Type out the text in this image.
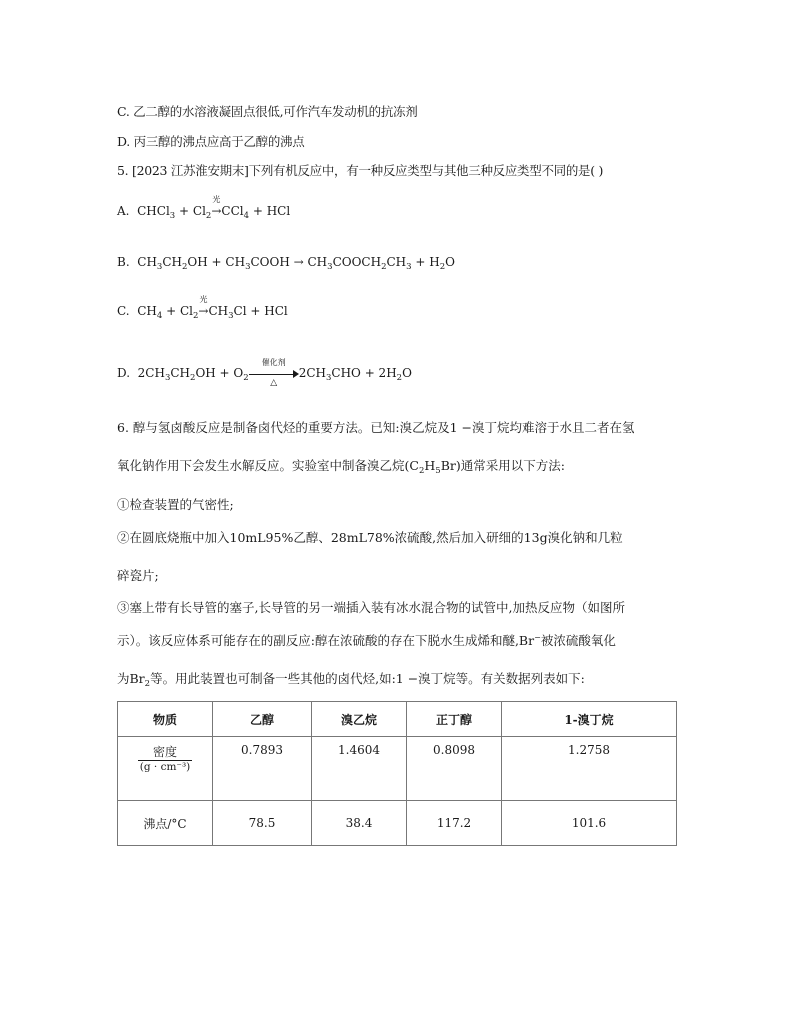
C. 乙二醇的水溶液凝固点很低,可作汽车发动机的抗冻剂
D. 丙三醇的沸点应高于乙醇的沸点
5. [2023 江苏淮安期末]下列有机反应中，有一种反应类型与其他三种反应类型不同的是( )
A.  CHCl$_3$ + $Cl_2$
光
→CCl$_4$ + HCl
B.  $CH_3CH_2OH$ + $CH_3COOH$ → $CH_3COOCH_2CH_3 + H_2O$
C.  $CH_4 + Cl_2$
光
$\to CH_3Cl$ + HCl
D.  $2CH_3CH_2OH + O_2$
催化剂
△
$2CH_3CHO + 2H_2O$
6. 醇与氢卤酸反应是制备卤代烃的重要方法。已知:溴乙烷及1 −溴丁烷均难溶于水且二者在氢
氧化钠作用下会发生水解反应。实验室中制备溴乙烷$(C_2H_5Br)$通常采用以下方法:
①检查装置的气密性;
②在圆底烧瓶中加入10mL95%乙醇、28mL78%浓硫酸,然后加入研细的13g溴化钠和几粒
碎瓷片;
③塞上带有长导管的塞子,长导管的另一端插入装有冰水混合物的试管中,加热反应物（如图所
示）。该反应体系可能存在的副反应:醇在浓硫酸的存在下脱水生成烯和醚,Br−被浓硫酸氧化
为$Br_2$等。用此装置也可制备一些其他的卤代烃,如:1 −溴丁烷等。有关数据列表如下:
物质	乙醇	溴乙烷	正丁醇	1-溴丁烷

$\frac{\text{密度}}{\text{(g · cm⁻³)}}$	0.7893	1.4604	0.8098	1.2758
沸点/°C	78.5	38.4	117.2	101.6
